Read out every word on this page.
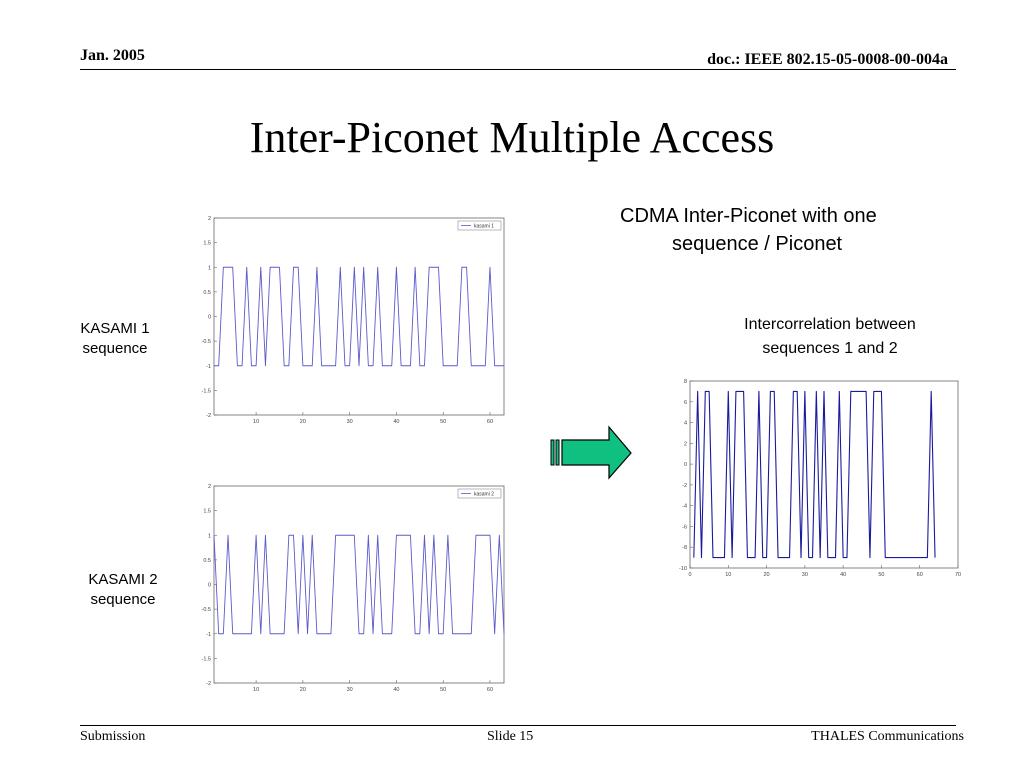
Jan. 2005	doc.: IEEE 802.15-05-0008-00-004a
Inter-Piconet Multiple Access
CDMA Inter-Piconet with one
sequence / Piconet
Intercorrelation between
sequences 1 and 2
KASAMI 1
sequence
KASAMI 2
sequence
10	20	30	40	50	60
-2
-1.5
-1
-0.5
0
0.5
1
1.5
2
kasami 1
10	20	30	40	50	60
-2
-1.5
-1
-0.5
0
0.5
1
1.5
2
kasami 2
0	10	20	30	40	50	60	70
-10
-8
-6
-4
-2
0
2
4
6
8
Submission	Slide 15	THALES Communications
